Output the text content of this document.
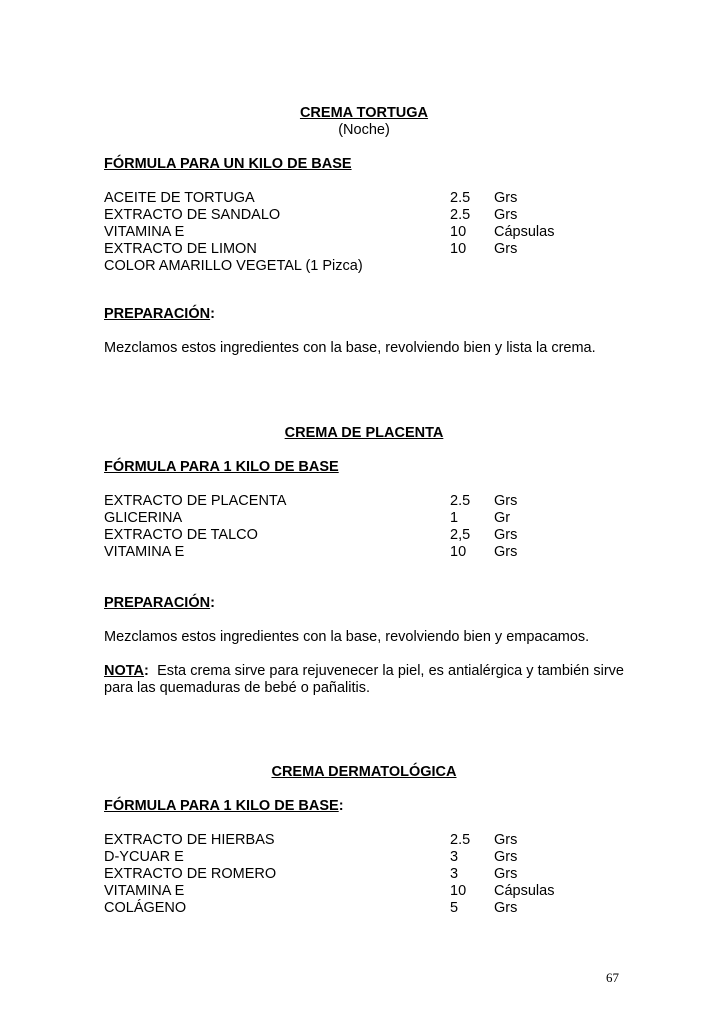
CREMA TORTUGA
(Noche)
FÓRMULA PARA UN KILO DE BASE
ACEITE DE TORTUGA	2.5 Grs
EXTRACTO DE SANDALO	2.5 Grs
VITAMINA E	10 Cápsulas
EXTRACTO DE LIMON	10 Grs
COLOR AMARILLO VEGETAL (1 Pizca)
PREPARACIÓN:
Mezclamos estos ingredientes con la base, revolviendo bien y lista la crema.
CREMA DE PLACENTA
FÓRMULA PARA 1 KILO DE BASE
EXTRACTO DE PLACENTA	2.5 Grs
GLICERINA	1 Gr
EXTRACTO DE TALCO	2,5 Grs
VITAMINA E	10 Grs
PREPARACIÓN:
Mezclamos estos ingredientes con la base, revolviendo bien y empacamos.
NOTA: Esta crema sirve para rejuvenecer la piel, es antialérgica y también sirve para las quemaduras de bebé o pañalitis.
CREMA DERMATOLÓGICA
FÓRMULA PARA 1 KILO DE BASE:
EXTRACTO DE HIERBAS	2.5 Grs
D-YCUAR E	3 Grs
EXTRACTO DE ROMERO	3 Grs
VITAMINA E	10 Cápsulas
COLÁGENO	5 Grs
67
